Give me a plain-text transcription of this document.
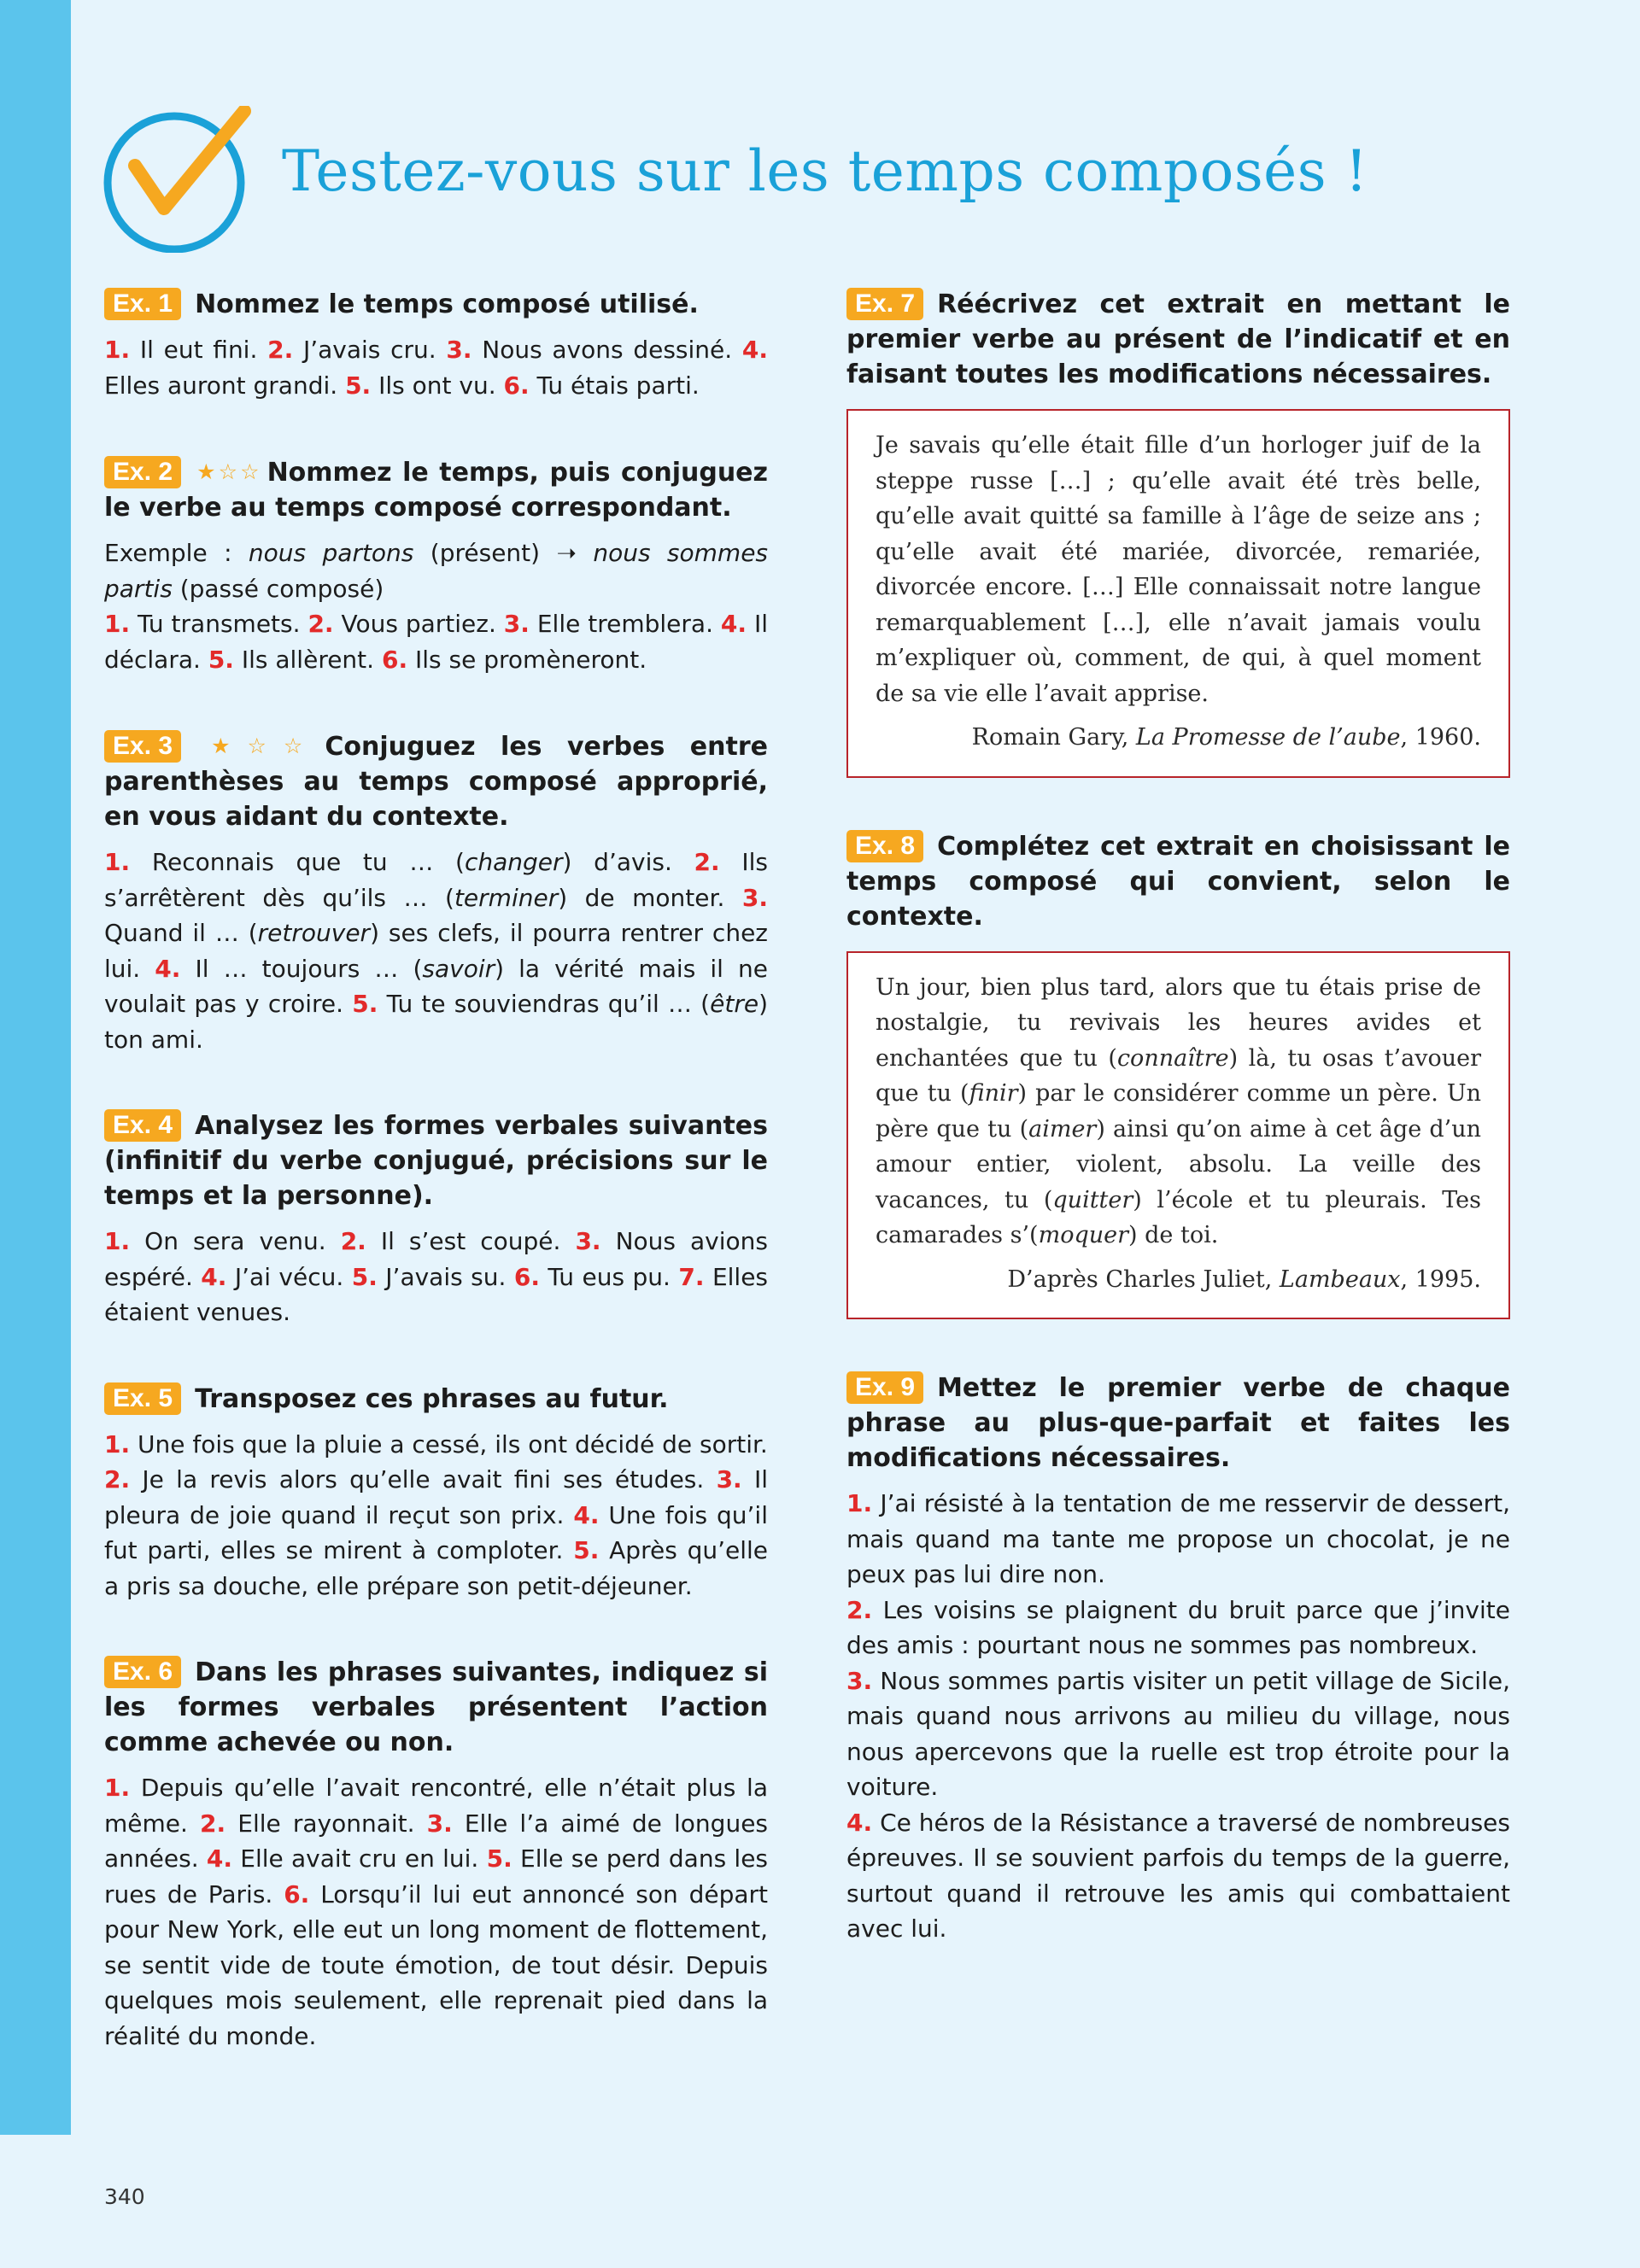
Testez-vous sur les temps composés !

Ex. 1 Nommez le temps composé utilisé.

1. Il eut fini. 2. J’avais cru. 3. Nous avons dessiné. 4. Elles auront grandi. 5. Ils ont vu. 6. Tu étais parti.

Ex. 2 ★☆☆ Nommez le temps, puis conjuguez le verbe au temps composé correspondant.

Exemple : nous partons (présent) ➝ nous sommes partis (passé composé)

1. Tu transmets. 2. Vous partiez. 3. Elle tremblera. 4. Il déclara. 5. Ils allèrent. 6. Ils se promèneront.

Ex. 3 ★☆☆ Conjuguez les verbes entre parenthèses au temps composé approprié, en vous aidant du contexte.

1. Reconnais que tu … (changer) d’avis. 2. Ils s’arrêtèrent dès qu’ils … (terminer) de monter. 3. Quand il … (retrouver) ses clefs, il pourra rentrer chez lui. 4. Il … toujours … (savoir) la vérité mais il ne voulait pas y croire. 5. Tu te souviendras qu’il … (être) ton ami.

Ex. 4 Analysez les formes verbales suivantes (infinitif du verbe conjugué, précisions sur le temps et la personne).

1. On sera venu. 2. Il s’est coupé. 3. Nous avions espéré. 4. J’ai vécu. 5. J’avais su. 6. Tu eus pu. 7. Elles étaient venues.

Ex. 5 Transposez ces phrases au futur.

1. Une fois que la pluie a cessé, ils ont décidé de sortir.
2. Je la revis alors qu’elle avait fini ses études. 3. Il pleura de joie quand il reçut son prix. 4. Une fois qu’il fut parti, elles se mirent à comploter. 5. Après qu’elle a pris sa douche, elle prépare son petit-déjeuner.

Ex. 6 Dans les phrases suivantes, indiquez si les formes verbales présentent l’action comme achevée ou non.

1. Depuis qu’elle l’avait rencontré, elle n’était plus la même. 2. Elle rayonnait. 3. Elle l’a aimé de longues années. 4. Elle avait cru en lui. 5. Elle se perd dans les rues de Paris. 6. Lorsqu’il lui eut annoncé son départ pour New York, elle eut un long moment de flottement, se sentit vide de toute émotion, de tout désir. Depuis quelques mois seulement, elle reprenait pied dans la réalité du monde.

Ex. 7 Réécrivez cet extrait en mettant le premier verbe au présent de l’indicatif et en faisant toutes les modifications nécessaires.

Je savais qu’elle était fille d’un horloger juif de la steppe russe […] ; qu’elle avait été très belle, qu’elle avait quitté sa famille à l’âge de seize ans ; qu’elle avait été mariée, divorcée, remariée, divorcée encore. […] Elle connaissait notre langue remarquablement […], elle n’avait jamais voulu m’expliquer où, comment, de qui, à quel moment de sa vie elle l’avait apprise.

Romain Gary, La Promesse de l’aube, 1960.

Ex. 8 Complétez cet extrait en choisissant le temps composé qui convient, selon le contexte.

Un jour, bien plus tard, alors que tu étais prise de nostalgie, tu revivais les heures avides et enchantées que tu (connaître) là, tu osas t’avouer que tu (finir) par le considérer comme un père. Un père que tu (aimer) ainsi qu’on aime à cet âge d’un amour entier, violent, absolu. La veille des vacances, tu (quitter) l’école et tu pleurais. Tes camarades s’(moquer) de toi.

D’après Charles Juliet, Lambeaux, 1995.

Ex. 9 Mettez le premier verbe de chaque phrase au plus-que-parfait et faites les modifications nécessaires.

1. J’ai résisté à la tentation de me resservir de dessert, mais quand ma tante me propose un chocolat, je ne peux pas lui dire non.
2. Les voisins se plaignent du bruit parce que j’invite des amis : pourtant nous ne sommes pas nombreux.
3. Nous sommes partis visiter un petit village de Sicile, mais quand nous arrivons au milieu du village, nous nous apercevons que la ruelle est trop étroite pour la voiture.
4. Ce héros de la Résistance a traversé de nombreuses épreuves. Il se souvient parfois du temps de la guerre, surtout quand il retrouve les amis qui combattaient avec lui.

340
